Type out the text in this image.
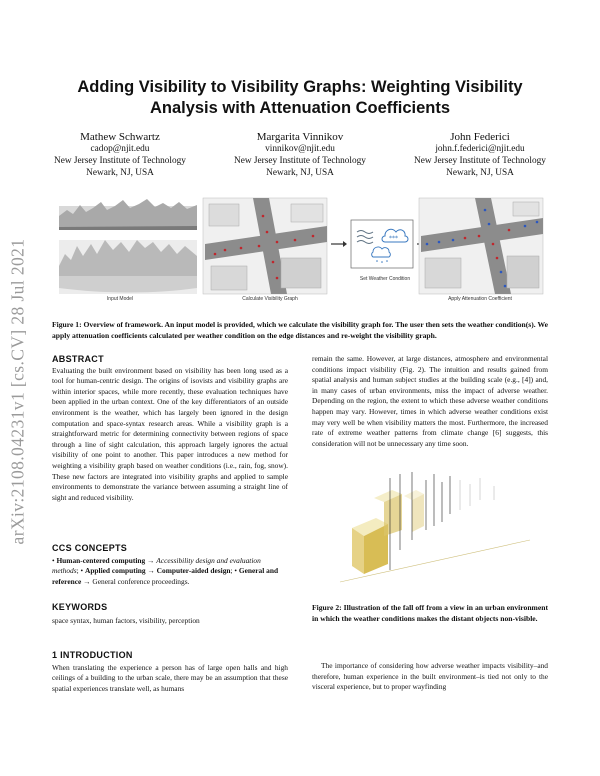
arXiv:2108.04231v1 [cs.CV] 28 Jul 2021
Adding Visibility to Visibility Graphs: Weighting Visibility
Analysis with Attenuation Coefficients
Mathew Schwartz
cadop@njit.edu
New Jersey Institute of Technology
Newark, NJ, USA
Margarita Vinnikov
vinnikov@njit.edu
New Jersey Institute of Technology
Newark, NJ, USA
John Federici
john.f.federici@njit.edu
New Jersey Institute of Technology
Newark, NJ, USA
***
Input Model	Calculate Visibility Graph
Set Weather Condition
Apply Attenuation Coefficient
Figure 1: Overview of framework. An input model is provided, which we calculate the visibility graph for. The user then sets the weather condition(s). We apply attenuation coefficients calculated per weather condition on the edge distances and re-weight the visibility graph.

ABSTRACT

Evaluating the built environment based on visibility has been long used as a tool for human-centric design. The origins of isovists and visibility graphs are within interior spaces, while more recently, these evaluation techniques have been applied in the urban context. One of the key differentiators of an outside environment is the weather, which has largely been ignored in the design computation and space-syntax research areas. While a visibility graph is a straightforward metric for determining connectivity between regions of space through a line of sight calculation, this approach largely ignores the actual visibility of one point to another. This paper introduces a new method for weighting a visibility graph based on weather conditions (i.e., rain, fog, snow). These new factors are integrated into visibility graphs and applied to sample environments to demonstrate the variance between assuming a straight line of sight and reduced visibility.

CCS CONCEPTS

• Human-centered computing → Accessibility design and evaluation methods; • Applied computing → Computer-aided design; • General and reference → General conference proceedings.

KEYWORDS

space syntax, human factors, visibility, perception

1 INTRODUCTION

When translating the experience a person has of large open halls and high ceilings of a building to the urban scale, there may be an assumption that these spatial experiences translate well, as humans

remain the same. However, at large distances, atmosphere and environmental conditions impact visibility (Fig. 2). The intuition and results gained from spatial analysis and human subject studies at the building scale (e.g., [4]) and, in many cases of urban environments, miss the impact of adverse weather. Depending on the region, the extent to which these adverse weather conditions happen may vary. However, times in which adverse weather conditions exist may very well be when visibility matters the most. Furthermore, the increased rate of extreme weather patterns from climate change [6] suggests, this consideration will not be unnecessary any time soon.

Figure 2: Illustration of the fall off from a view in an urban environment in which the weather conditions makes the distant objects non-visible.

The importance of considering how adverse weather impacts visibility–and therefore, human experience in the built environment–is tied not only to the visceral experience, but to proper wayfinding
